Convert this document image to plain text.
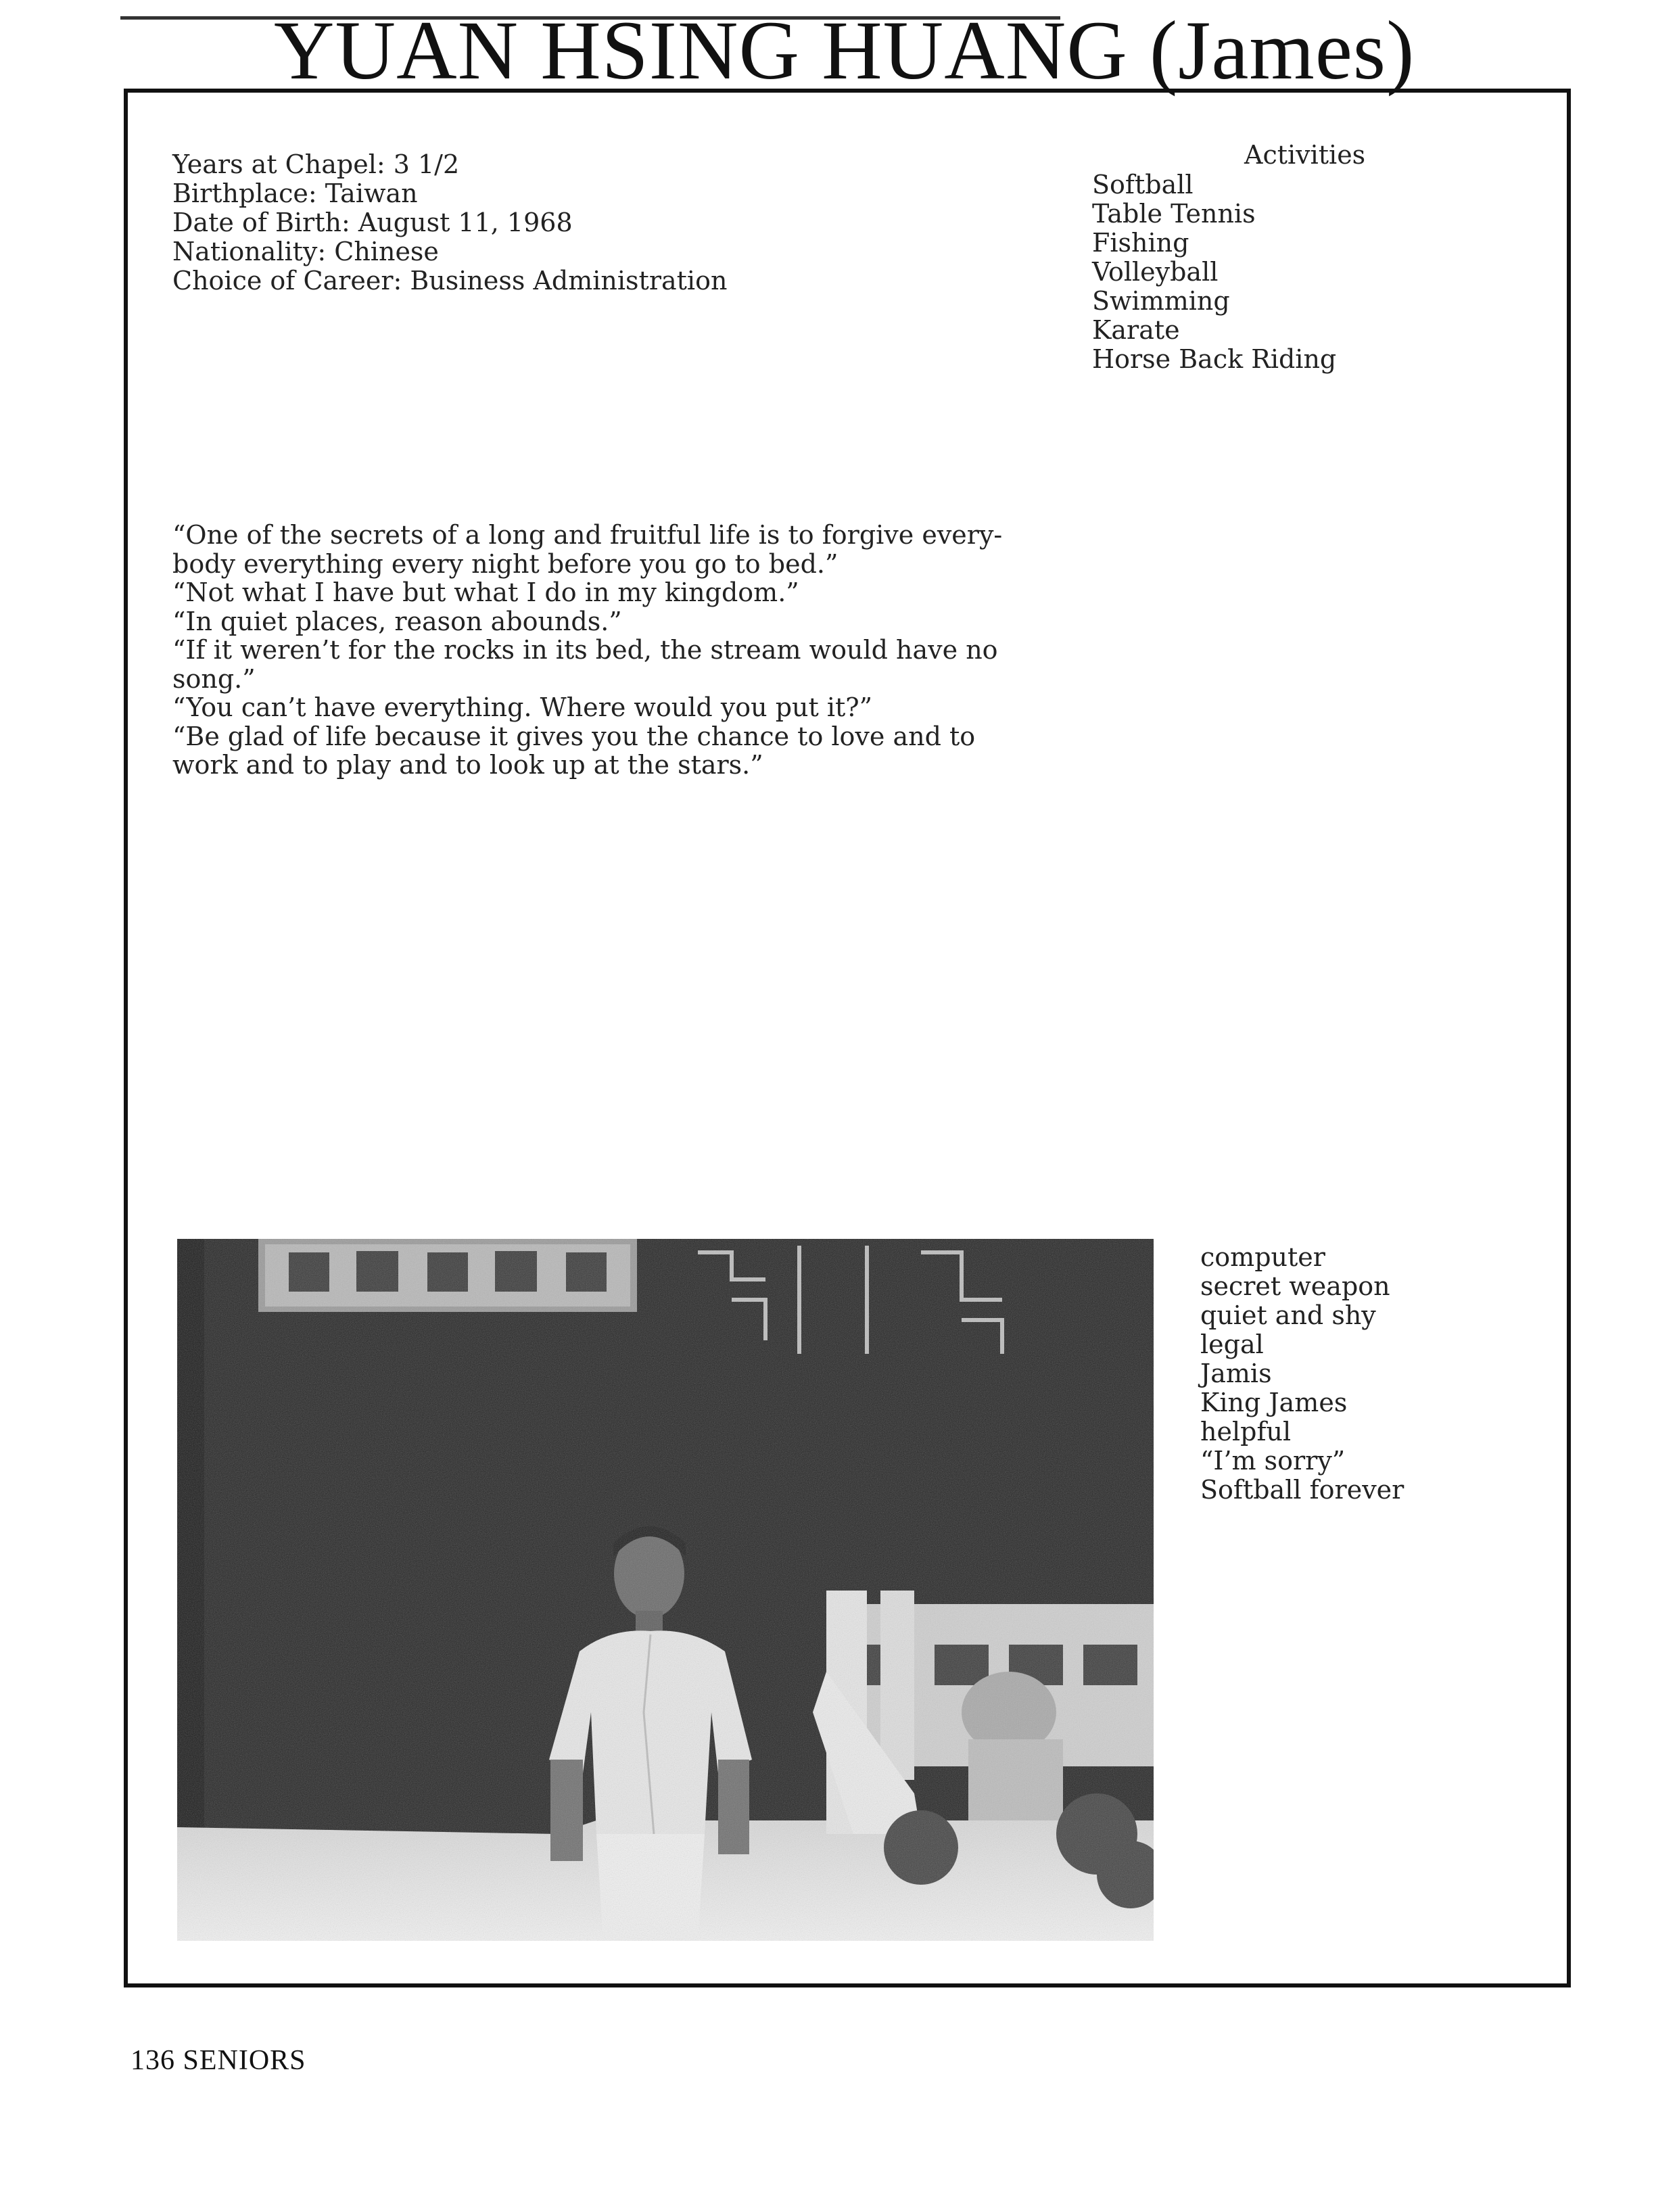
YUAN HSING HUANG (James)
Years at Chapel: 3 1/2
Birthplace: Taiwan
Date of Birth: August 11, 1968
Nationality: Chinese
Choice of Career: Business Administration
Activities
Softball
Table Tennis
Fishing
Volleyball
Swimming
Karate
Horse Back Riding
“One of the secrets of a long and fruitful life is to forgive every-
body everything every night before you go to bed.”
“Not what I have but what I do in my kingdom.”
“In quiet places, reason abounds.”
“If it weren’t for the rocks in its bed, the stream would have no
song.”
“You can’t have everything. Where would you put it?”
“Be glad of life because it gives you the chance to love and to
work and to play and to look up at the stars.”
computer
secret weapon
quiet and shy
legal
Jamis
King James
helpful
“I’m sorry”
Softball forever
136 SENIORS
